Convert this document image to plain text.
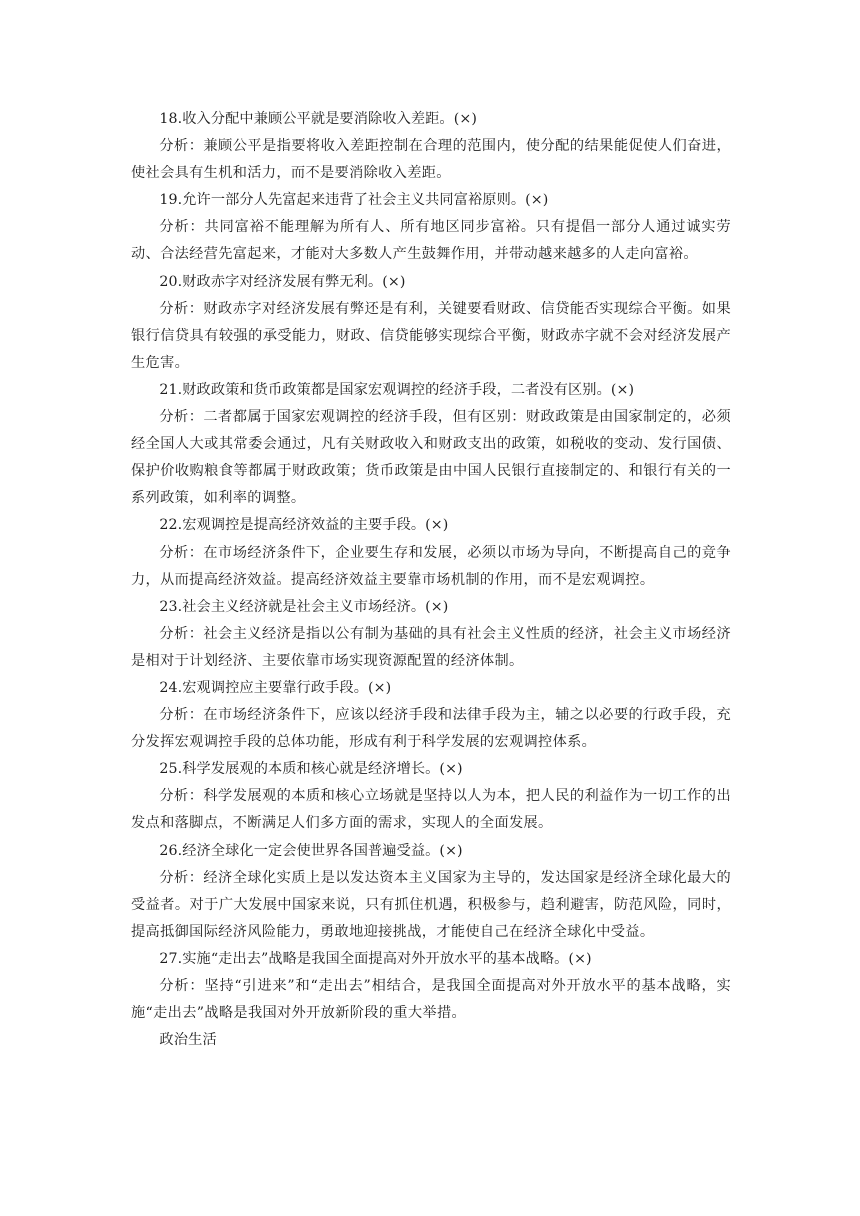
18.收入分配中兼顾公平就是要消除收入差距。(×)

分析：兼顾公平是指要将收入差距控制在合理的范围内，使分配的结果能促使人们奋进，使社会具有生机和活力，而不是要消除收入差距。

19.允许一部分人先富起来违背了社会主义共同富裕原则。(×)

分析：共同富裕不能理解为所有人、所有地区同步富裕。只有提倡一部分人通过诚实劳动、合法经营先富起来，才能对大多数人产生鼓舞作用，并带动越来越多的人走向富裕。

20.财政赤字对经济发展有弊无利。(×)

分析：财政赤字对经济发展有弊还是有利，关键要看财政、信贷能否实现综合平衡。如果银行信贷具有较强的承受能力，财政、信贷能够实现综合平衡，财政赤字就不会对经济发展产生危害。

21.财政政策和货币政策都是国家宏观调控的经济手段，二者没有区别。(×)

分析：二者都属于国家宏观调控的经济手段，但有区别：财政政策是由国家制定的，必须经全国人大或其常委会通过，凡有关财政收入和财政支出的政策，如税收的变动、发行国债、保护价收购粮食等都属于财政政策；货币政策是由中国人民银行直接制定的、和银行有关的一系列政策，如利率的调整。

22.宏观调控是提高经济效益的主要手段。(×)

分析：在市场经济条件下，企业要生存和发展，必须以市场为导向，不断提高自己的竞争力，从而提高经济效益。提高经济效益主要靠市场机制的作用，而不是宏观调控。

23.社会主义经济就是社会主义市场经济。(×)

分析：社会主义经济是指以公有制为基础的具有社会主义性质的经济，社会主义市场经济是相对于计划经济、主要依靠市场实现资源配置的经济体制。

24.宏观调控应主要靠行政手段。(×)

分析：在市场经济条件下，应该以经济手段和法律手段为主，辅之以必要的行政手段，充分发挥宏观调控手段的总体功能，形成有利于科学发展的宏观调控体系。

25.科学发展观的本质和核心就是经济增长。(×)

分析：科学发展观的本质和核心立场就是坚持以人为本，把人民的利益作为一切工作的出发点和落脚点，不断满足人们多方面的需求，实现人的全面发展。

26.经济全球化一定会使世界各国普遍受益。(×)

分析：经济全球化实质上是以发达资本主义国家为主导的，发达国家是经济全球化最大的受益者。对于广大发展中国家来说，只有抓住机遇，积极参与，趋利避害，防范风险，同时，提高抵御国际经济风险能力，勇敢地迎接挑战，才能使自己在经济全球化中受益。

27.实施“走出去”战略是我国全面提高对外开放水平的基本战略。(×)

分析：坚持“引进来”和“走出去”相结合，是我国全面提高对外开放水平的基本战略，实施“走出去”战略是我国对外开放新阶段的重大举措。

政治生活
